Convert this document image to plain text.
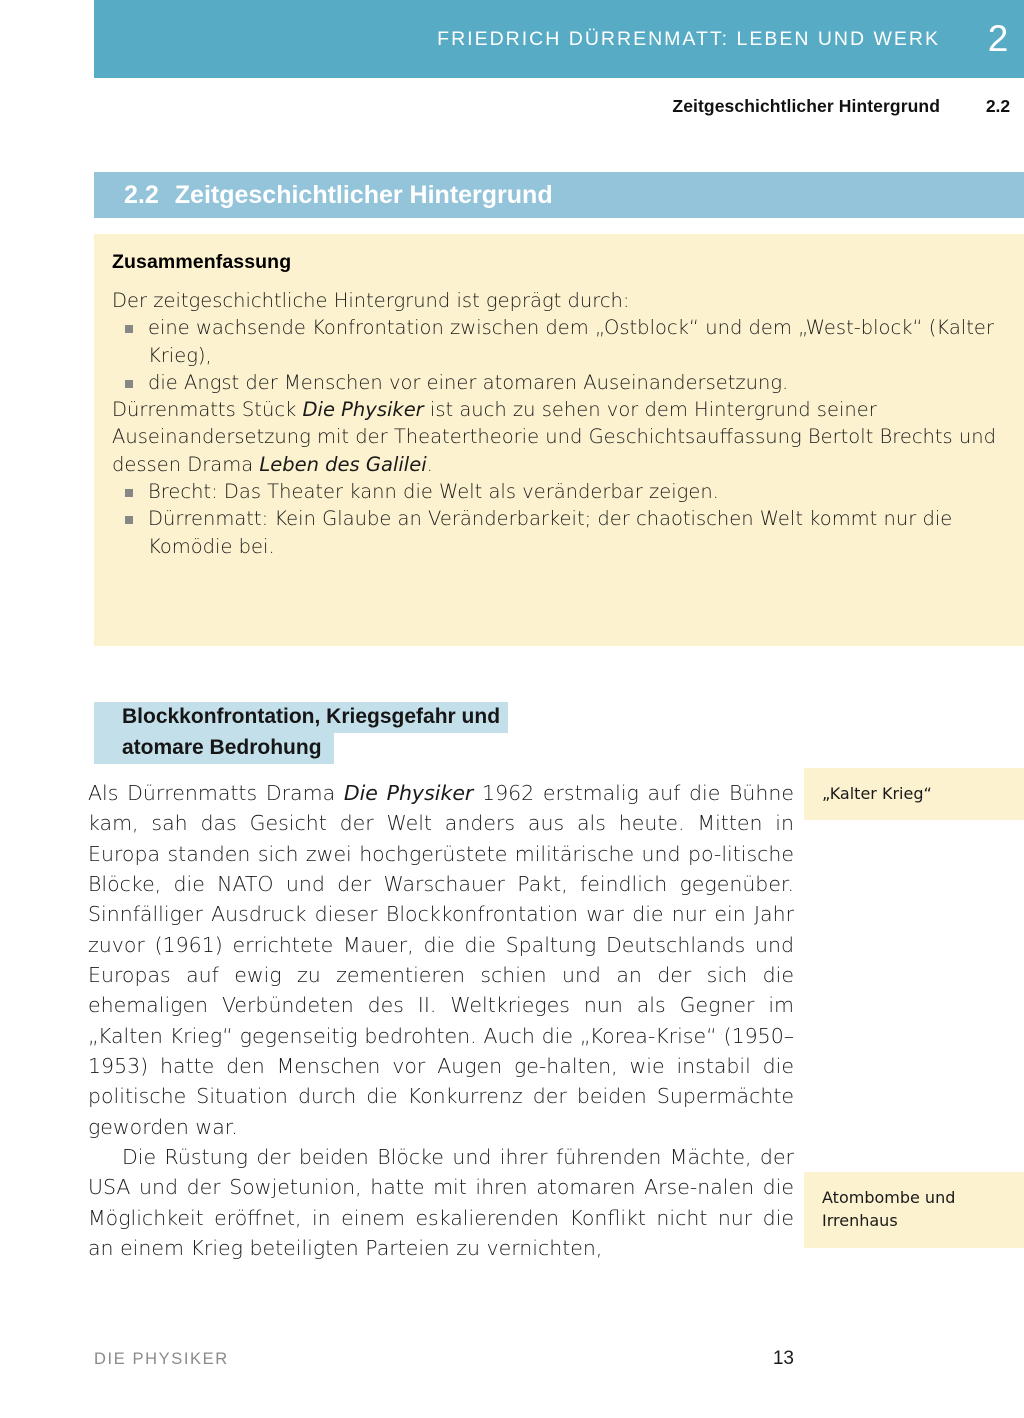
FRIEDRICH DÜRRENMATT: LEBEN UND WERK	2
Zeitgeschichtlicher Hintergrund	2.2
2.2 Zeitgeschichtlicher Hintergrund
Zusammenfassung

Der zeitgeschichtliche Hintergrund ist geprägt durch:

eine wachsende Konfrontation zwischen dem „Ostblock“ und dem „West-block“ (Kalter Krieg),
die Angst der Menschen vor einer atomaren Auseinandersetzung.

Dürrenmatts Stück Die Physiker ist auch zu sehen vor dem Hintergrund seiner Auseinandersetzung mit der Theatertheorie und Geschichtsauffassung Bertolt Brechts und dessen Drama Leben des Galilei.

Brecht: Das Theater kann die Welt als veränderbar zeigen.
Dürrenmatt: Kein Glaube an Veränderbarkeit; der chaotischen Welt kommt nur die Komödie bei.
Blockkonfrontation, Kriegsgefahr und
atomare Bedrohung

Als Dürrenmatts Drama Die Physiker 1962 erstmalig auf die Bühne kam, sah das Gesicht der Welt anders aus als heute. Mitten in Europa standen sich zwei hochgerüstete militärische und po-litische Blöcke, die NATO und der Warschauer Pakt, feindlich gegenüber. Sinnfälliger Ausdruck dieser Blockkonfrontation war die nur ein Jahr zuvor (1961) errichtete Mauer, die die Spaltung Deutschlands und Europas auf ewig zu zementieren schien und an der sich die ehemaligen Verbündeten des II. Weltkrieges nun als Gegner im „Kalten Krieg“ gegenseitig bedrohten. Auch die „Korea-Krise“ (1950–1953) hatte den Menschen vor Augen ge-halten, wie instabil die politische Situation durch die Konkurrenz der beiden Supermächte geworden war.

Die Rüstung der beiden Blöcke und ihrer führenden Mächte, der USA und der Sowjetunion, hatte mit ihren atomaren Arse-nalen die Möglichkeit eröffnet, in einem eskalierenden Konflikt nicht nur die an einem Krieg beteiligten Parteien zu vernichten,

„Kalter Krieg“
Atombombe und Irrenhaus
DIE PHYSIKER	13
